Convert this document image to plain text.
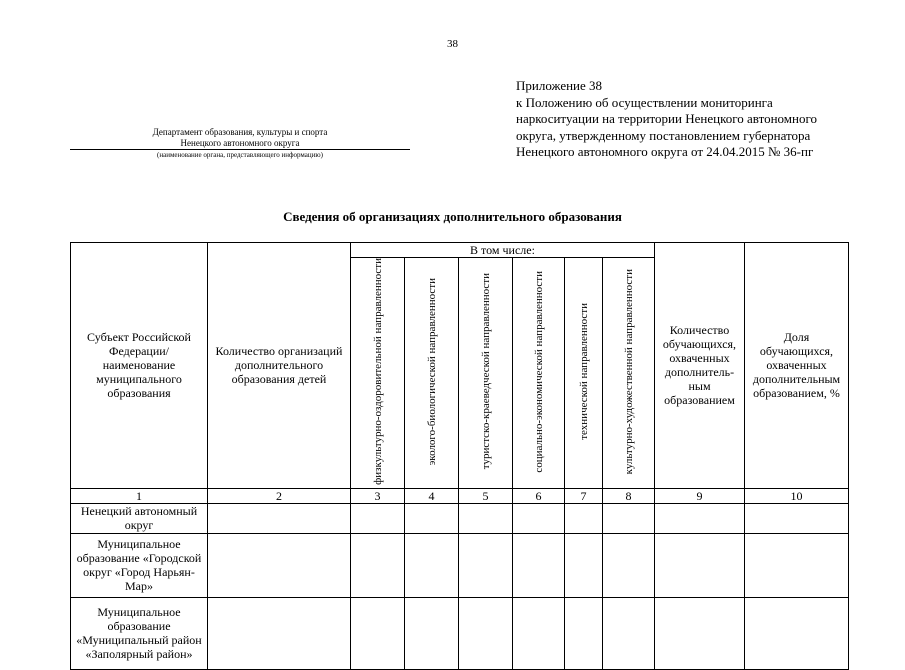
38
Приложение 38
к Положению об осуществлении мониторинга
наркоситуации на территории Ненецкого автономного
округа, утвержденному постановлением губернатора
Ненецкого автономного округа от 24.04.2015 № 36-пг
Департамент образования, культуры и спорта
Ненецкого автономного округа
(наименование органа, представляющего информацию)
Сведения об организациях дополнительного образования
Субъект Российской Федерации/ наименование муниципального образования	Количество организаций дополнительного образования детей	В том числе:						Количество обучающихся, охваченных дополнитель-ным образованием	Доля обучающихся, охваченных дополнительным образованием, %

		физкультурно-оздоровительной направленности	эколого-биологической направленности	туристско-краеведческой направленности	социально-экономической направленности	технической направленности	культурно-художественной направленности		
1	2	3	4	5	6	7	8	9	10

Ненецкий автономный округ									

Муниципальное образование «Городской округ «Город Нарьян-Мар»									

Муниципальное образование «Муниципальный район «Заполярный район»									
